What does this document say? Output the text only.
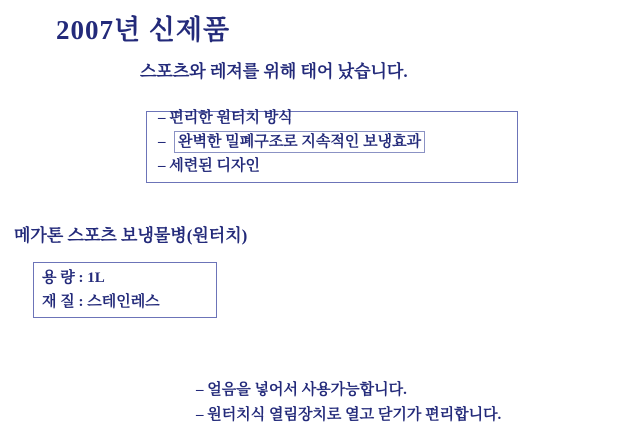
2007년 신제품
스포츠와 레져를 위해 태어 났습니다.
– 편리한 원터치 방식
– 완벽한 밀폐구조로 지속적인 보냉효과
– 세련된 디자인
메가톤 스포츠 보냉물병(원터치)
용 량 : 1L
재 질 : 스테인레스
– 얼음을 넣어서 사용가능합니다.
– 원터치식 열림장치로 열고 닫기가 편리합니다.
